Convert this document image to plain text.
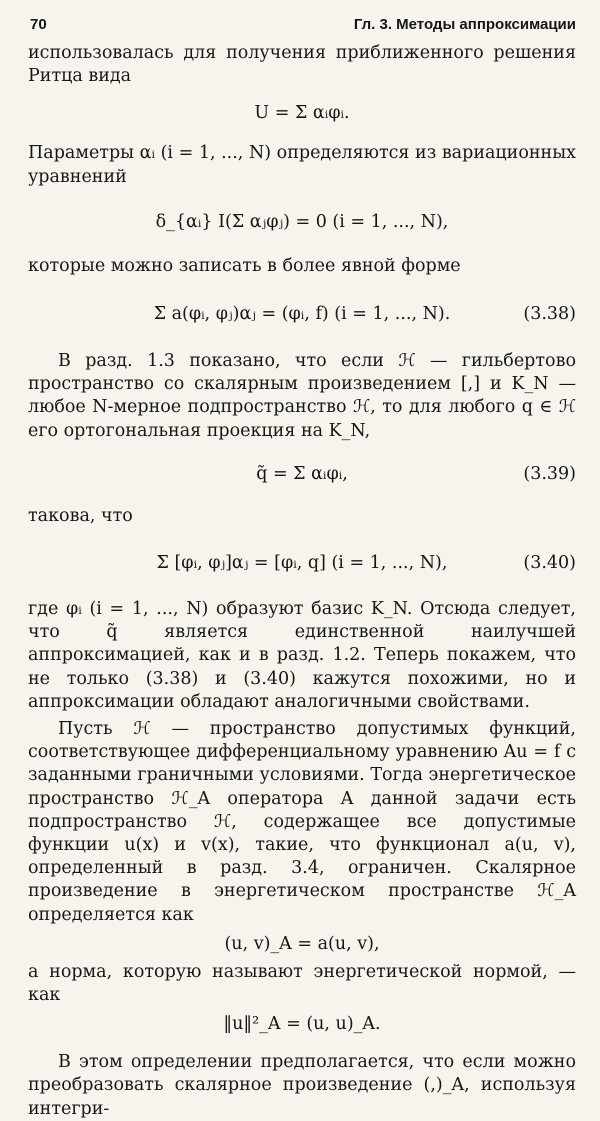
70	Гл. 3. Методы аппроксимации

использовалась для получения приближенного решения Ритца вида

U = Σ αᵢφᵢ.

Параметры αᵢ (i = 1, ..., N) определяются из вариационных уравнений

δ_{αᵢ} I(Σ αⱼφⱼ) = 0 (i = 1, ..., N),

которые можно записать в более явной форме

Σ a(φᵢ, φⱼ)αⱼ = (φᵢ, f) (i = 1, ..., N).	(3.38)

В разд. 1.3 показано, что если ℋ — гильбертово пространство со скалярным произведением [,] и K_N — любое N-мерное подпространство ℋ, то для любого q ∈ ℋ его ортогональная проекция на K_N,

q̃ = Σ αᵢφᵢ,	(3.39)

такова, что

Σ [φᵢ, φⱼ]αⱼ = [φᵢ, q] (i = 1, ..., N),	(3.40)

где φᵢ (i = 1, ..., N) образуют базис K_N. Отсюда следует, что q̃ является единственной наилучшей аппроксимацией, как и в разд. 1.2. Теперь покажем, что не только (3.38) и (3.40) кажутся похожими, но и аппроксимации обладают аналогичными свойствами.

Пусть ℋ — пространство допустимых функций, соответствующее дифференциальному уравнению Au = f с заданными граничными условиями. Тогда энергетическое пространство ℋ_A оператора A данной задачи есть подпространство ℋ, содержащее все допустимые функции u(x) и v(x), такие, что функционал a(u, v), определенный в разд. 3.4, ограничен. Скалярное произведение в энергетическом пространстве ℋ_A определяется как

(u, v)_A = a(u, v),

а норма, которую называют энергетической нормой, — как

‖u‖²_A = (u, u)_A.

В этом определении предполагается, что если можно преобразовать скалярное произведение (,)_A, используя интегри-
